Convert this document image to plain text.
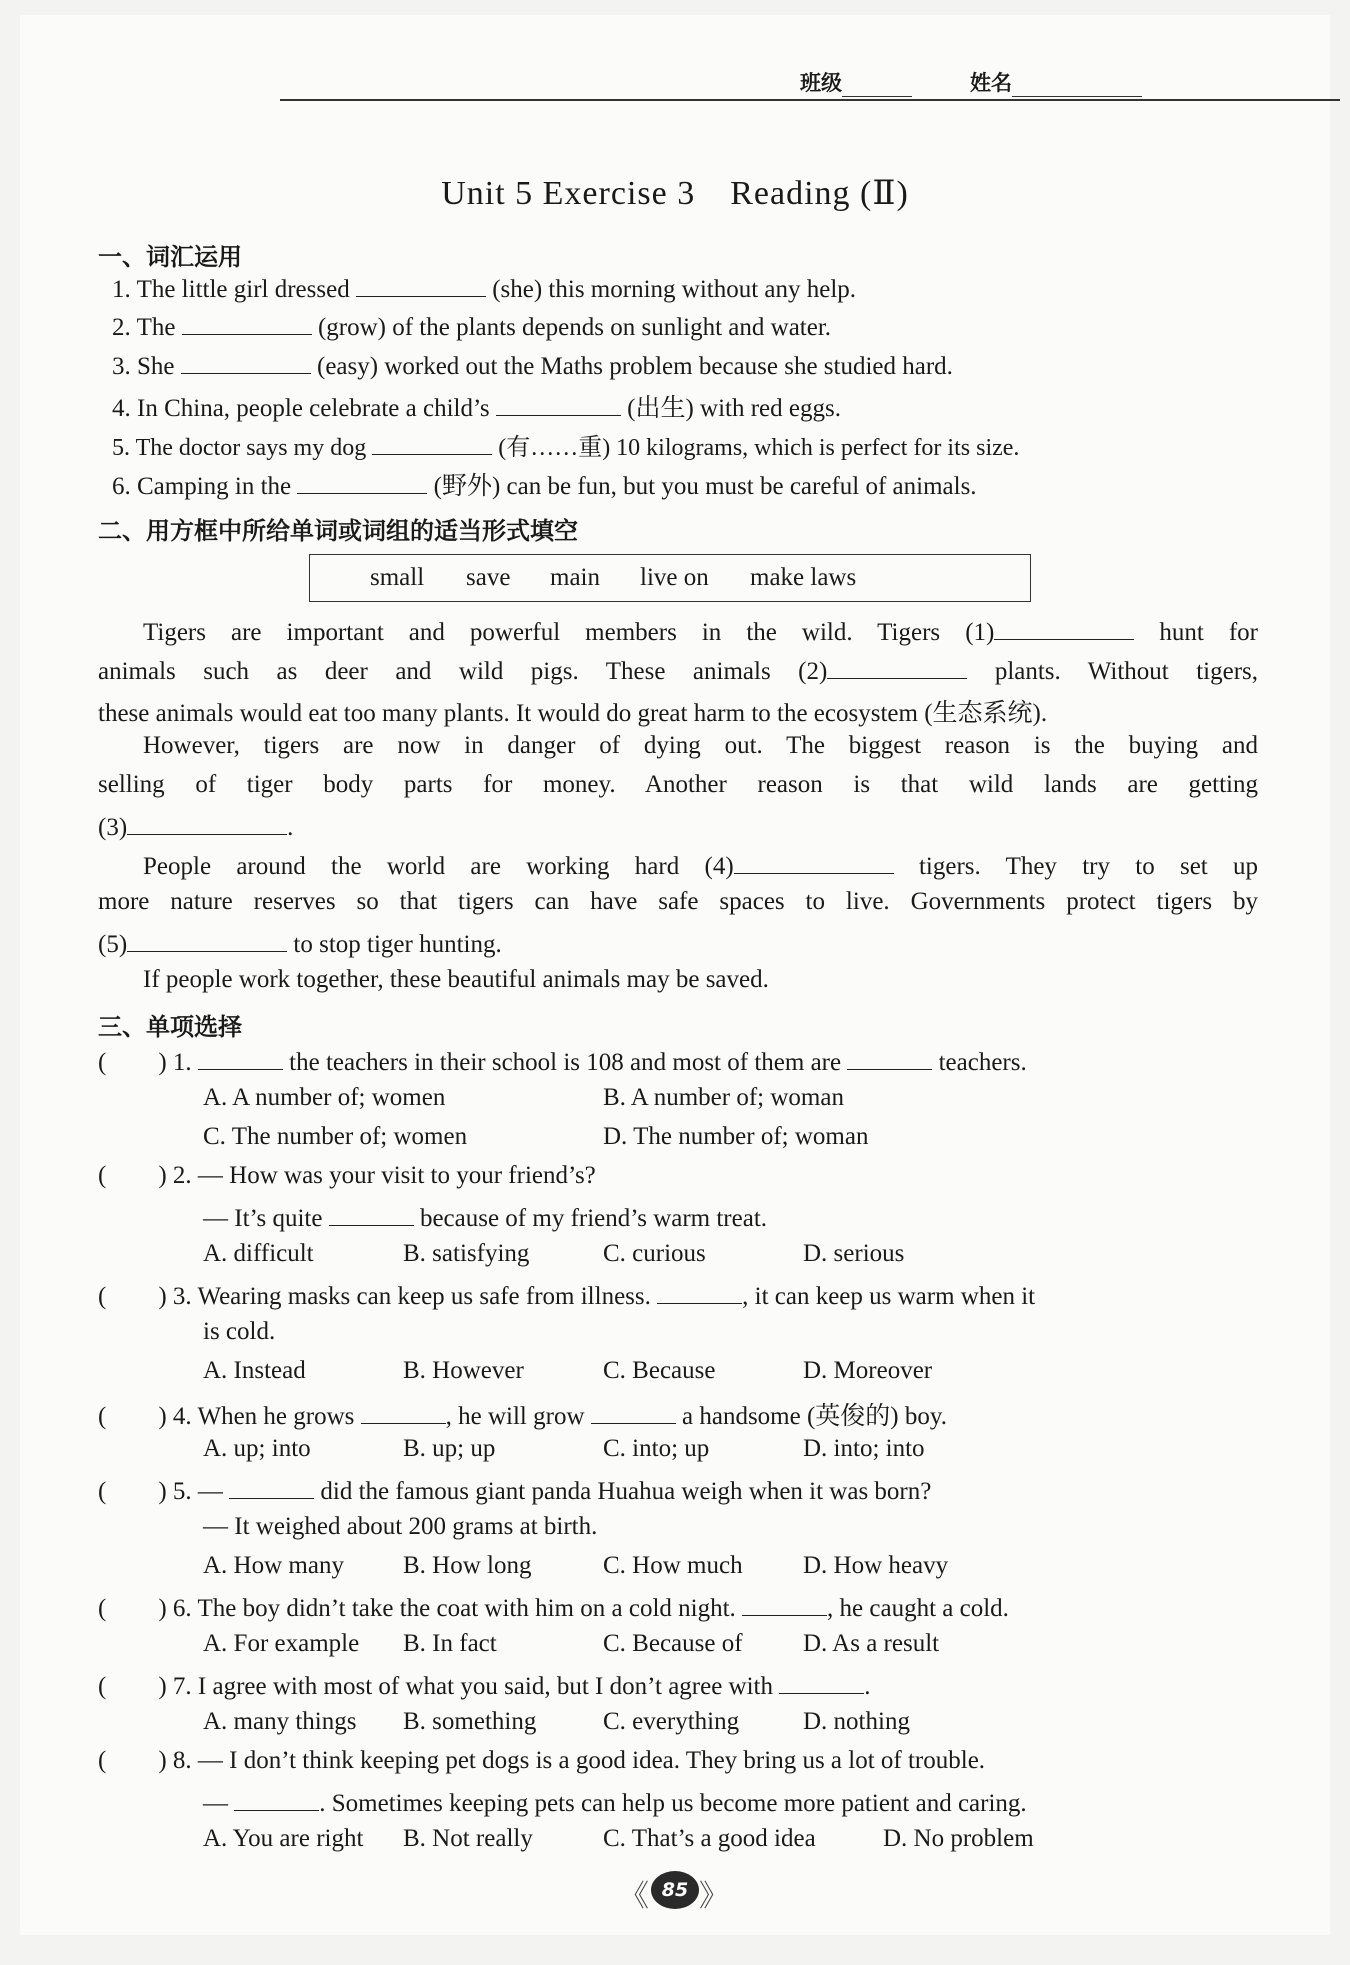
班级	姓名
Unit 5 Exercise 3　Reading (Ⅱ)
一、词汇运用
1. The little girl dressed	(she) this morning without any help.
2. The	(grow) of the plants depends on sunlight and water.
3. She	(easy) worked out the Maths problem because she studied hard.
4. In China, people celebrate a child’s	(出生) with red eggs.
5. The doctor says my dog	(有……重) 10 kilograms, which is perfect for its size.
6. Camping in the	(野外) can be fun, but you must be careful of animals.
二、用方框中所给单词或词组的适当形式填空
small save main live on make laws
Tigers are important and powerful members in the wild. Tigers (1)	hunt for
animals such as deer and wild pigs. These animals (2)	plants. Without tigers,
these animals would eat too many plants. It would do great harm to the ecosystem (生态系统).
However, tigers are now in danger of dying out. The biggest reason is the buying and
selling of tiger body parts for money. Another reason is that wild lands are getting
(3)	.
People around the world are working hard (4)	tigers. They try to set up
more nature reserves so that tigers can have safe spaces to live. Governments protect tigers by
(5)	to stop tiger hunting.
If people work together, these beautiful animals may be saved.
三、单项选择
( ) 1.	the teachers in their school is 108 and most of them are	teachers.
A. A number of; women	B. A number of; woman
C. The number of; women	D. The number of; woman
( ) 2. — How was your visit to your friend’s?
— It’s quite	because of my friend’s warm treat.
A. difficult	B. satisfying	C. curious	D. serious
( ) 3. Wearing masks can keep us safe from illness.	, it can keep us warm when it
is cold.
A. Instead	B. However	C. Because	D. Moreover
( ) 4. When he grows	, he will grow	a handsome (英俊的) boy.
A. up; into	B. up; up	C. into; up	D. into; into
( ) 5. —	did the famous giant panda Huahua weigh when it was born?
— It weighed about 200 grams at birth.
A. How many B. How long	C. How much D. How heavy
( ) 6. The boy didn’t take the coat with him on a cold night.	, he caught a cold.
A. For example B. In fact	C. Because of D. As a result
( ) 7. I agree with most of what you said, but I don’t agree with	.
A. many things B. something	C. everything	D. nothing
( ) 8. — I don’t think keeping pet dogs is a good idea. They bring us a lot of trouble.
—	. Sometimes keeping pets can help us become more patient and caring.
A. You are right B. Not really	C. That’s a good idea	D. No problem
《 85 》
